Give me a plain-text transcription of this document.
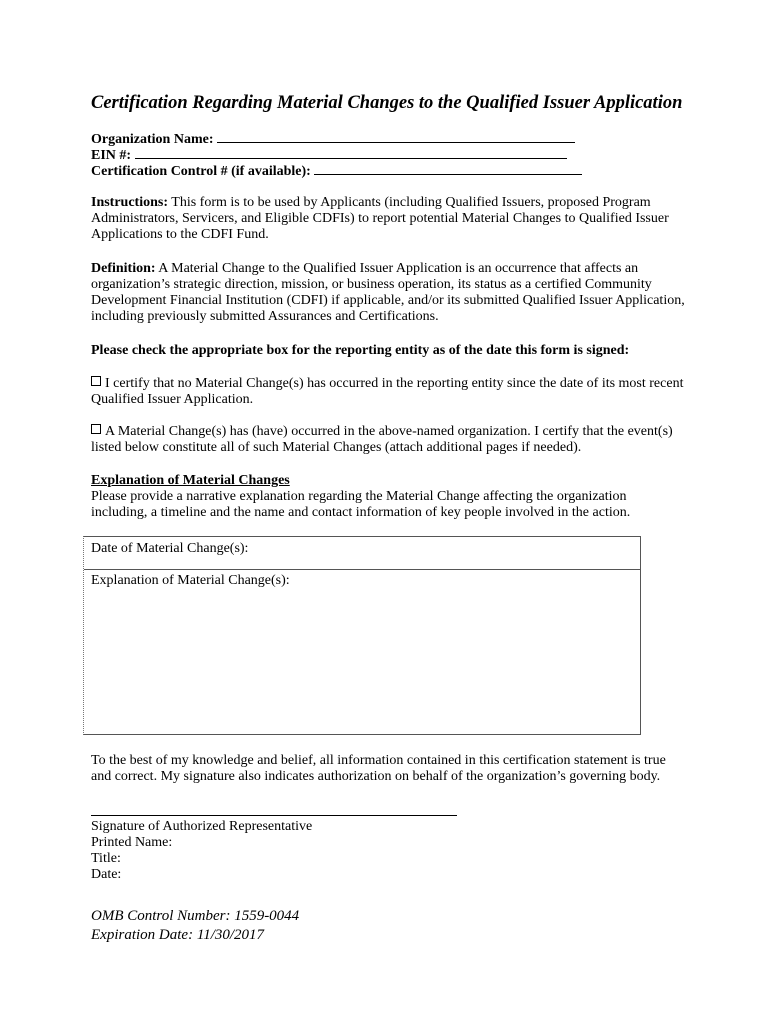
Certification Regarding Material Changes to the Qualified Issuer Application
Organization Name:
EIN #:
Certification Control # (if available):
Instructions: This form is to be used by Applicants (including Qualified Issuers, proposed Program
Administrators, Servicers, and Eligible CDFIs) to report potential Material Changes to Qualified Issuer
Applications to the CDFI Fund.
Definition: A Material Change to the Qualified Issuer Application is an occurrence that affects an
organization’s strategic direction, mission, or business operation, its status as a certified Community
Development Financial Institution (CDFI) if applicable, and/or its submitted Qualified Issuer Application,
including previously submitted Assurances and Certifications.
Please check the appropriate box for the reporting entity as of the date this form is signed:
I certify that no Material Change(s) has occurred in the reporting entity since the date of its most recent
Qualified Issuer Application.
A Material Change(s) has (have) occurred in the above-named organization. I certify that the event(s)
listed below constitute all of such Material Changes (attach additional pages if needed).
Explanation of Material Changes
Please provide a narrative explanation regarding the Material Change affecting the organization
including, a timeline and the name and contact information of key people involved in the action.
Date of Material Change(s):
Explanation of Material Change(s):
To the best of my knowledge and belief, all information contained in this certification statement is true
and correct. My signature also indicates authorization on behalf of the organization’s governing body.
Signature of Authorized Representative
Printed Name:
Title:
Date:
OMB Control Number: 1559-0044
Expiration Date: 11/30/2017
